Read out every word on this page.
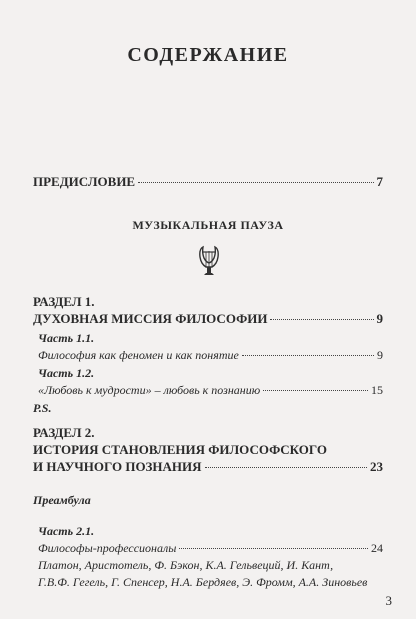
СОДЕРЖАНИЕ
ПРЕДИСЛОВИЕ	7
МУЗЫКАЛЬНАЯ ПАУЗА
РАЗДЕЛ 1.
ДУХОВНАЯ МИССИЯ ФИЛОСОФИИ	9
Часть 1.1.
Философия как феномен и как понятие	9
Часть 1.2.
«Любовь к мудрости» – любовь к познанию	15
P.S.
РАЗДЕЛ 2.
ИСТОРИЯ СТАНОВЛЕНИЯ ФИЛОСОФСКОГО
И НАУЧНОГО ПОЗНАНИЯ	23
Преамбула
Часть 2.1.
Философы-профессионалы	24
Платон, Аристотель, Ф. Бэкон, К.А. Гельвеций, И. Кант,
Г.В.Ф. Гегель, Г. Спенсер, Н.А. Бердяев, Э. Фромм, А.А. Зиновьев
3
